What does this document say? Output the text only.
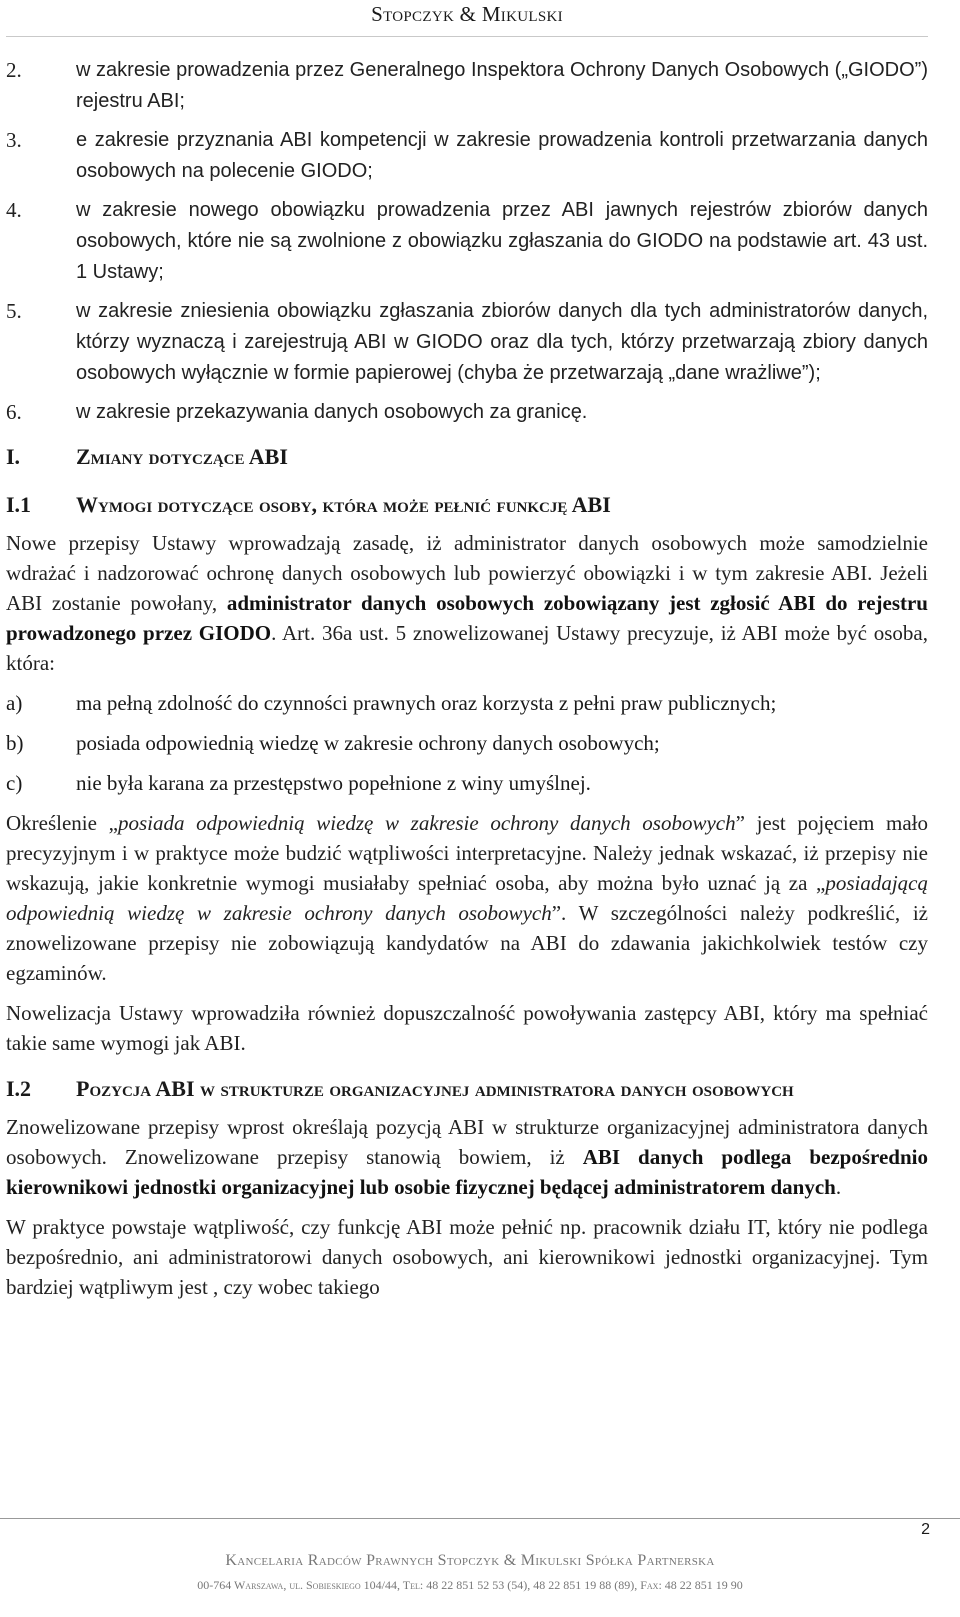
Stopczyk & Mikulski
2.	w zakresie prowadzenia przez Generalnego Inspektora Ochrony Danych Osobowych („GIODO”) rejestru ABI;
3.	e zakresie przyznania ABI kompetencji w zakresie prowadzenia kontroli przetwarzania danych osobowych na polecenie GIODO;
4.	w zakresie nowego obowiązku prowadzenia przez ABI jawnych rejestrów zbiorów danych osobowych, które nie są zwolnione z obowiązku zgłaszania do GIODO na podstawie art. 43 ust. 1 Ustawy;
5.	w zakresie zniesienia obowiązku zgłaszania zbiorów danych dla tych administratorów danych, którzy wyznaczą i zarejestrują ABI w GIODO oraz dla tych, którzy przetwarzają zbiory danych osobowych wyłącznie w formie papierowej (chyba że przetwarzają „dane wrażliwe”);
6.	w zakresie przekazywania danych osobowych za granicę.
I.	Zmiany dotyczące ABI
I.1	Wymogi dotyczące osoby, która może pełnić funkcję ABI

Nowe przepisy Ustawy wprowadzają zasadę, iż administrator danych osobowych może samodzielnie wdrażać i nadzorować ochronę danych osobowych lub powierzyć obowiązki i w tym zakresie ABI. Jeżeli ABI zostanie powołany, administrator danych osobowych zobowiązany jest zgłosić ABI do rejestru prowadzonego przez GIODO. Art. 36a ust. 5 znowelizowanej Ustawy precyzuje, iż ABI może być osoba, która:

a)	ma pełną zdolność do czynności prawnych oraz korzysta z pełni praw publicznych;
b)	posiada odpowiednią wiedzę w zakresie ochrony danych osobowych;
c)	nie była karana za przestępstwo popełnione z winy umyślnej.

Określenie „posiada odpowiednią wiedzę w zakresie ochrony danych osobowych” jest pojęciem mało precyzyjnym i w praktyce może budzić wątpliwości interpretacyjne. Należy jednak wskazać, iż przepisy nie wskazują, jakie konkretnie wymogi musiałaby spełniać osoba, aby można było uznać ją za „posiadającą odpowiednią wiedzę w zakresie ochrony danych osobowych”. W szczególności należy podkreślić, iż znowelizowane przepisy nie zobowiązują kandydatów na ABI do zdawania jakichkolwiek testów czy egzaminów.

Nowelizacja Ustawy wprowadziła również dopuszczalność powoływania zastępcy ABI, który ma spełniać takie same wymogi jak ABI.

I.2	Pozycja ABI w strukturze organizacyjnej administratora danych osobowych

Znowelizowane przepisy wprost określają pozycją ABI w strukturze organizacyjnej administratora danych osobowych. Znowelizowane przepisy stanowią bowiem, iż ABI danych podlega bezpośrednio kierownikowi jednostki organizacyjnej lub osobie fizycznej będącej administratorem danych.

W praktyce powstaje wątpliwość, czy funkcję ABI może pełnić np. pracownik działu IT, który nie podlega bezpośrednio, ani administratorowi danych osobowych, ani kierownikowi jednostki organizacyjnej. Tym bardziej wątpliwym jest , czy wobec takiego

2
Kancelaria Radców Prawnych Stopczyk & Mikulski Spółka Partnerska
00-764 Warszawa, ul. Sobieskiego 104/44, Tel: 48 22 851 52 53 (54), 48 22 851 19 88 (89), Fax: 48 22 851 19 90
